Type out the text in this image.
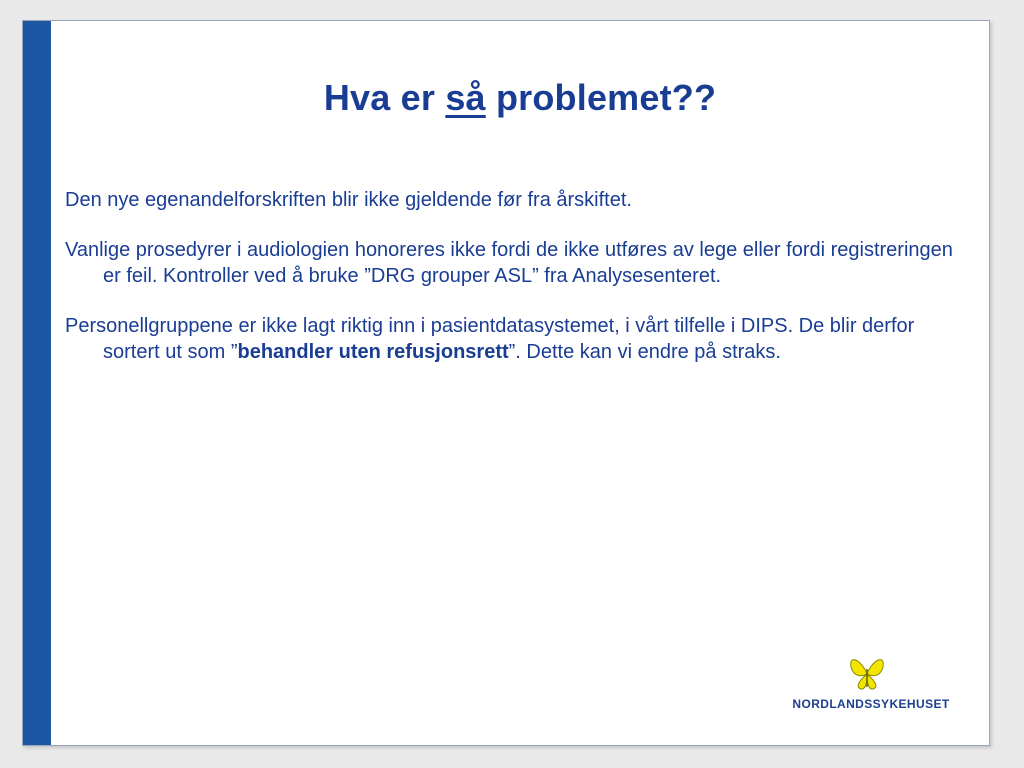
Hva er så problemet??

Den nye egenandelforskriften blir ikke gjeldende før fra årskiftet.

Vanlige prosedyrer i audiologien honoreres ikke fordi de ikke utføres av lege eller fordi registreringen er feil. Kontroller ved å bruke ”DRG grouper ASL” fra Analysesenteret.

Personellgruppene er ikke lagt riktig inn i pasientdatasystemet, i vårt tilfelle i DIPS. De blir derfor sortert ut som ”behandler uten refusjonsrett”. Dette kan vi endre på straks.

NORDLANDSSYKEHUSET
